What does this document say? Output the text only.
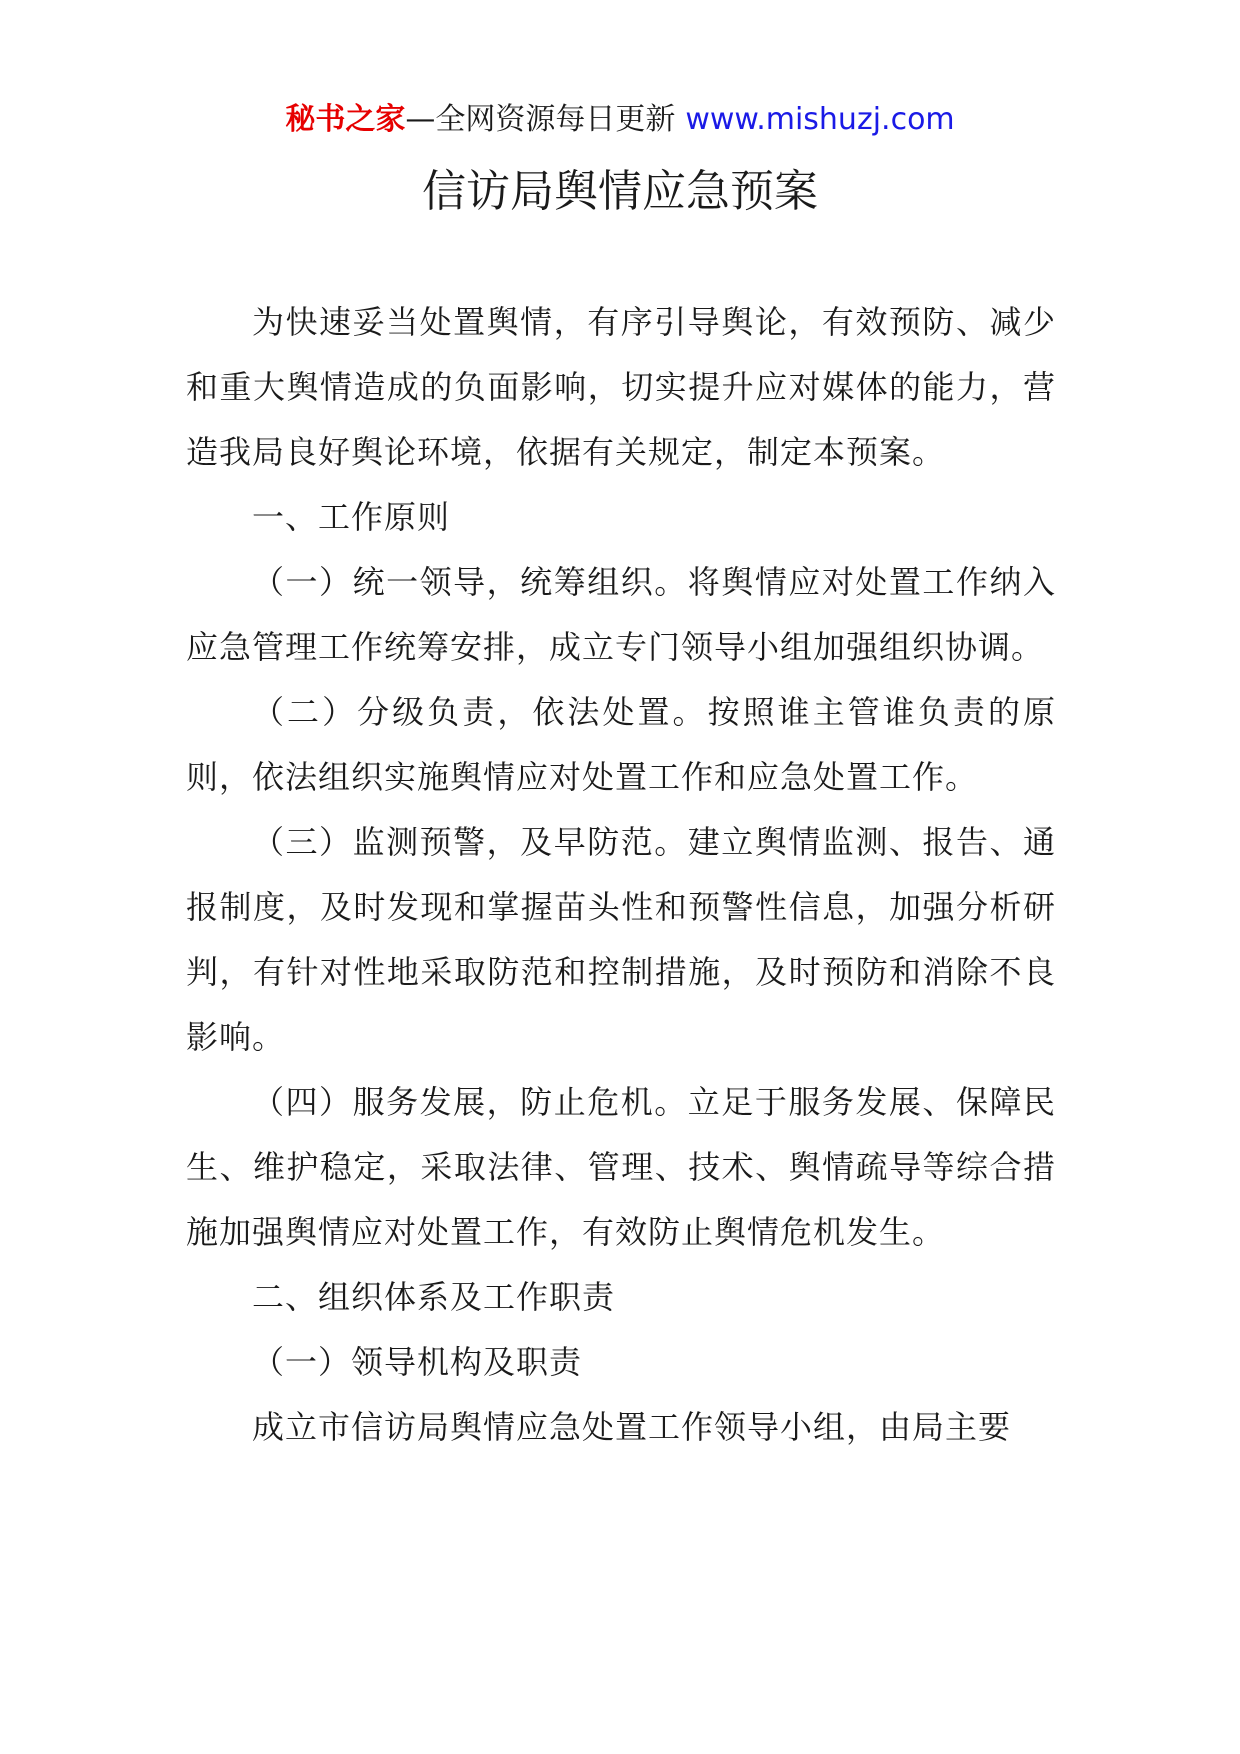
秘书之家—全网资源每日更新 www.mishuzj.com
信访局舆情应急预案

为快速妥当处置舆情，有序引导舆论，有效预防、减少和重大舆情造成的负面影响，切实提升应对媒体的能力，营造我局良好舆论环境，依据有关规定，制定本预案。

一、工作原则

（一）统一领导，统筹组织。将舆情应对处置工作纳入应急管理工作统筹安排，成立专门领导小组加强组织协调。

（二）分级负责，依法处置。按照谁主管谁负责的原则，依法组织实施舆情应对处置工作和应急处置工作。

（三）监测预警，及早防范。建立舆情监测、报告、通报制度，及时发现和掌握苗头性和预警性信息，加强分析研判，有针对性地采取防范和控制措施，及时预防和消除不良影响。

（四）服务发展，防止危机。立足于服务发展、保障民生、维护稳定，采取法律、管理、技术、舆情疏导等综合措施加强舆情应对处置工作，有效防止舆情危机发生。

二、组织体系及工作职责

（一）领导机构及职责

成立市信访局舆情应急处置工作领导小组，由局主要
